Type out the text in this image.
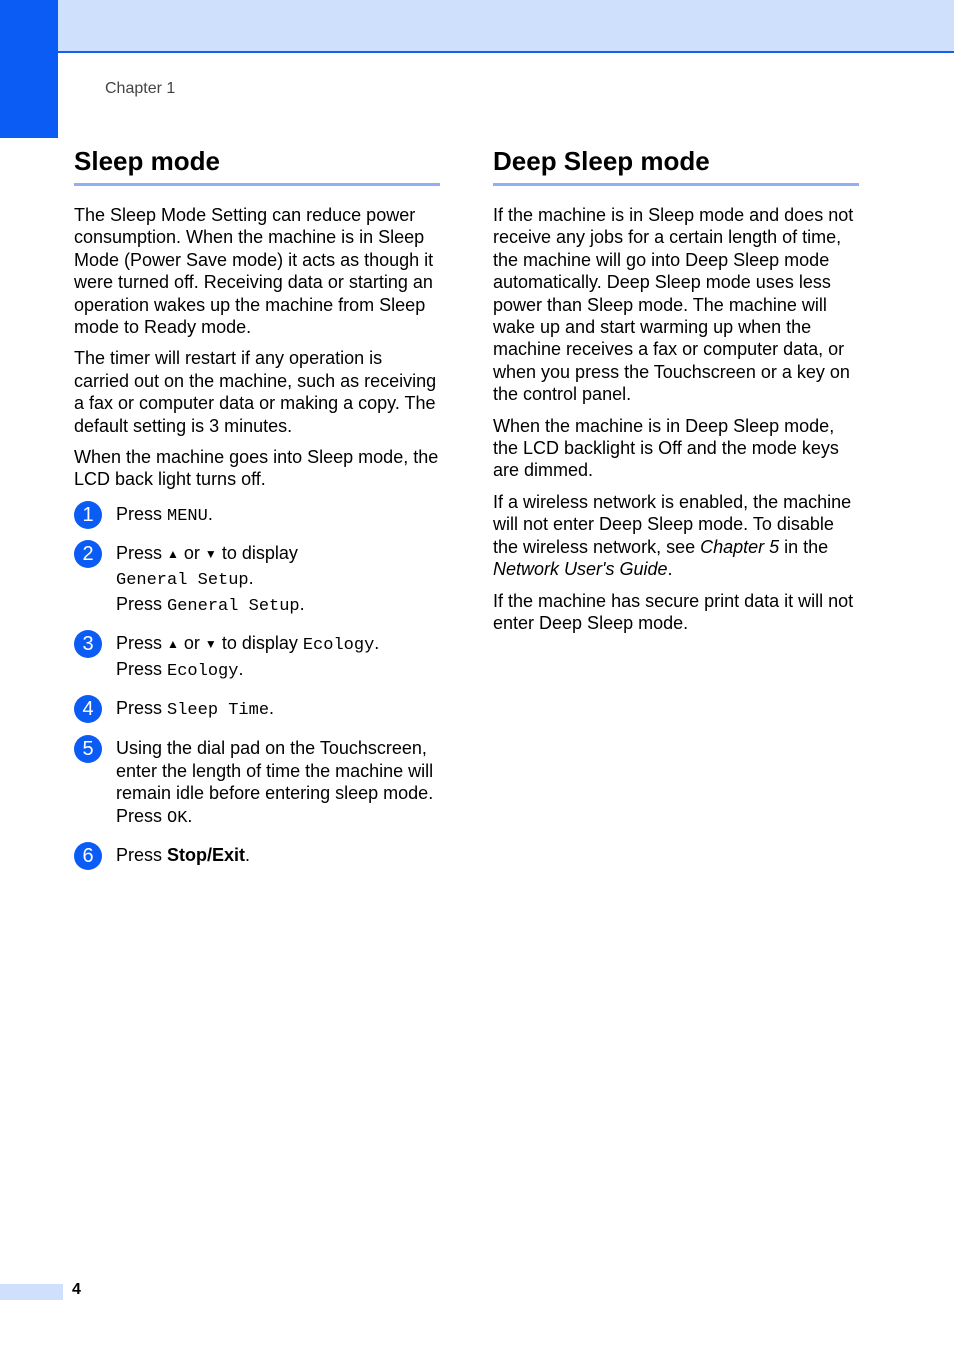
Chapter 1
Sleep mode

The Sleep Mode Setting can reduce power consumption. When the machine is in Sleep Mode (Power Save mode) it acts as though it were turned off. Receiving data or starting an operation wakes up the machine from Sleep mode to Ready mode.

The timer will restart if any operation is carried out on the machine, such as receiving a fax or computer data or making a copy. The default setting is 3 minutes.

When the machine goes into Sleep mode, the LCD back light turns off.

1	Press MENU.
2	Press ▲ or ▼ to display
General Setup.
Press General Setup.
3	Press ▲ or ▼ to display Ecology.
Press Ecology.
4	Press Sleep Time.
5	Using the dial pad on the Touchscreen, enter the length of time the machine will remain idle before entering sleep mode.
Press OK.
6	Press Stop/Exit.
Deep Sleep mode

If the machine is in Sleep mode and does not receive any jobs for a certain length of time, the machine will go into Deep Sleep mode automatically. Deep Sleep mode uses less power than Sleep mode. The machine will wake up and start warming up when the machine receives a fax or computer data, or when you press the Touchscreen or a key on the control panel.

When the machine is in Deep Sleep mode, the LCD backlight is Off and the mode keys are dimmed.

If a wireless network is enabled, the machine will not enter Deep Sleep mode. To disable the wireless network, see Chapter 5 in the Network User's Guide.

If the machine has secure print data it will not enter Deep Sleep mode.

4
